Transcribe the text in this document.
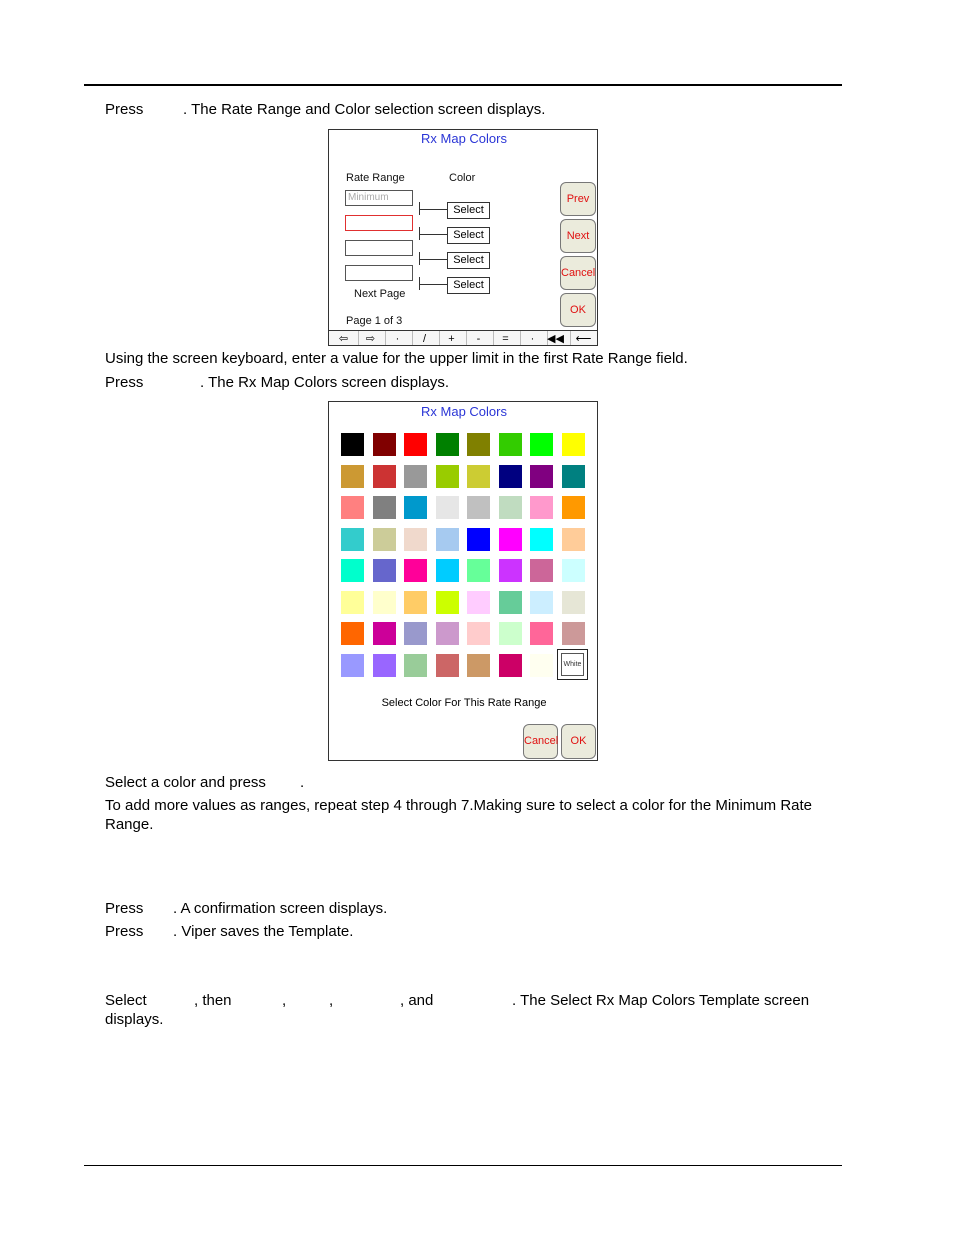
Press	. The Rate Range and Color selection screen displays.
Rx Map Colors
Rate Range	Color
Minimum
Next Page
Select
Select
Select
Select
Page 1 of 3
Prev
Next
Cancel
OK
⇦	⇨	·	/	+	-	=	·	◀◀	⟵
Using the screen keyboard, enter a value for the upper limit in the first Rate Range field.
Press	. The Rx Map Colors screen displays.
Rx Map Colors
White
Select Color For This Rate Range
Cancel	OK
Select a color and press .
To add more values as ranges, repeat step 4 through 7.Making sure to select a color for the Minimum Rate Range.
Press . A confirmation screen displays.
Press . Viper saves the Template.
Select	, then	,	,	, and	. The Select Rx Map Colors Template screen
displays.
